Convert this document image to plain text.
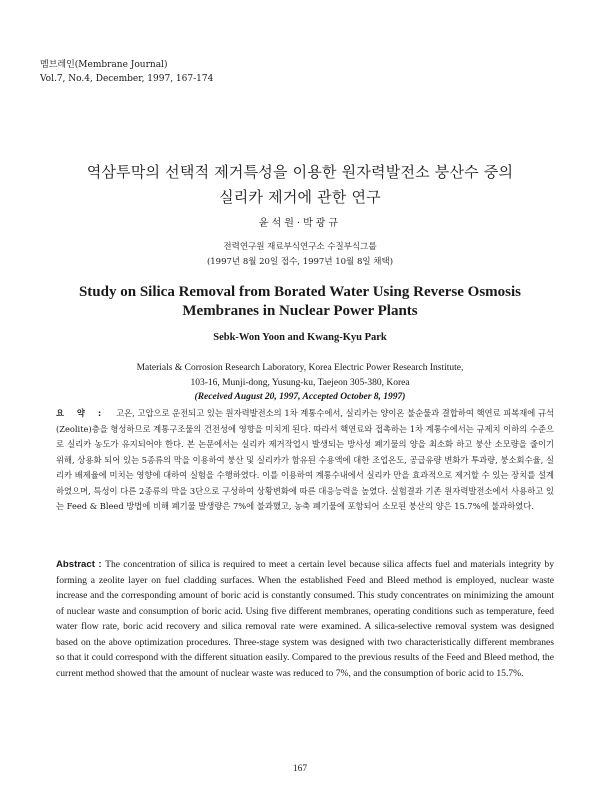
멤브레인(Membrane Journal)
Vol.7, No.4, December, 1997, 167-174
역삼투막의 선택적 제거특성을 이용한 원자력발전소 붕산수 중의
실리카 제거에 관한 연구
윤석원·박광규
전력연구원 재료부식연구소 수질부식그룹
(1997년 8월 20일 접수, 1997년 10월 8일 채택)
Study on Silica Removal from Borated Water Using Reverse Osmosis
Membranes in Nuclear Power Plants
Sebk-Won Yoon and Kwang-Kyu Park
Materials & Corrosion Research Laboratory, Korea Electric Power Research Institute,
103-16, Munji-dong, Yusung-ku, Taejeon 305-380, Korea
(Received August 20, 1997, Accepted October 8, 1997)
요 약 : 고온, 고압으로 운전되고 있는 원자력발전소의 1차 계통수에서, 실리카는 양이온 불순물과 결합하여 핵연료 피복재에 규석(Zeolite)층을 형성하므로 계통구조물의 건전성에 영향을 미치게 된다. 따라서 핵연료와 접촉하는 1차 계통수에서는 규제치 이하의 수준으로 실리카 농도가 유지되어야 한다. 본 논문에서는 실리카 제거작업시 발생되는 방사성 폐기물의 양을 최소화 하고 붕산 소모량을 줄이기 위해, 상용화 되어 있는 5종류의 막을 이용하여 붕산 및 실리카가 함유된 수용액에 대한 조업온도, 공급유량 변화가 투과량, 붕소회수율, 실리카 배제율에 미치는 영향에 대하여 실험을 수행하였다. 이를 이용하여 계통수내에서 실리카 만을 효과적으로 제거할 수 있는 장치를 설계하였으며, 특성이 다른 2종류의 막을 3단으로 구성하여 상황변화에 따른 대응능력을 높였다. 실험결과 기존 원자력발전소에서 사용하고 있는 Feed & Bleed 방법에 비해 폐기물 발생량은 7%에 불과했고, 농축 폐기물에 포함되어 소모된 붕산의 양은 15.7%에 불과하였다.
Abstract : The concentration of silica is required to meet a certain level because silica affects fuel and materials integrity by forming a zeolite layer on fuel cladding surfaces. When the established Feed and Bleed method is employed, nuclear waste increase and the corresponding amount of boric acid is constantly consumed. This study concentrates on minimizing the amount of nuclear waste and consumption of boric acid. Using five different membranes, operating conditions such as temperature, feed water flow rate, boric acid recovery and silica removal rate were examined. A silica-selective removal system was designed based on the above optimization procedures. Three-stage system was designed with two characteristically different membranes so that it could correspond with the different situation easily. Compared to the previous results of the Feed and Bleed method, the current method showed that the amount of nuclear waste was reduced to 7%, and the consumption of boric acid to 15.7%.
167
